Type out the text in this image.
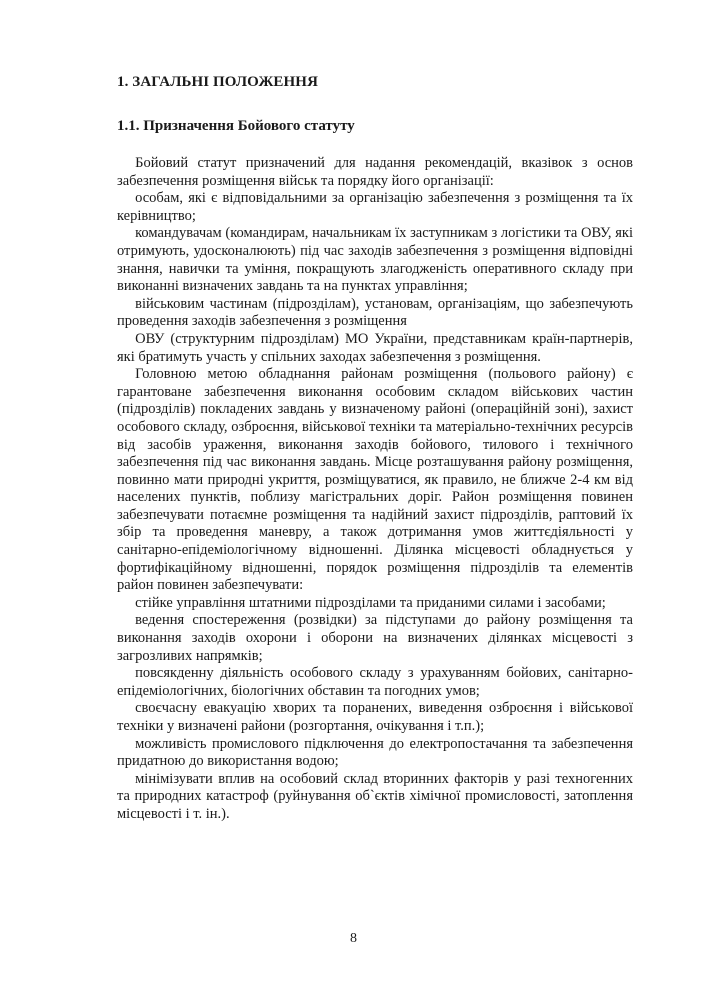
1. ЗАГАЛЬНІ ПОЛОЖЕННЯ
1.1. Призначення Бойового статуту

Бойовий статут призначений для надання рекомендацій, вказівок з основ забезпечення розміщення військ та порядку його організації:

особам, які є відповідальними за організацію забезпечення з розміщення та їх керівництво;

командувачам (командирам, начальникам їх заступникам з логістики та ОВУ, які отримують, удосконалюють) під час заходів забезпечення з розміщення відповідні знання, навички та уміння, покращують злагодженість оперативного складу при виконанні визначених завдань та на пунктах управління;

військовим частинам (підрозділам), установам, організаціям, що забезпечують проведення заходів забезпечення з розміщення

ОВУ (структурним підрозділам) МО України, представникам країн-партнерів, які братимуть участь у спільних заходах забезпечення з розміщення.

Головною метою обладнання районам розміщення (польового району) є гарантоване забезпечення виконання особовим складом військових частин (підрозділів) покладених завдань у визначеному районі (операційній зоні), захист особового складу, озброєння, військової техніки та матеріально-технічних ресурсів від засобів ураження, виконання заходів бойового, тилового і технічного забезпечення під час виконання завдань. Місце розташування району розміщення, повинно мати природні укриття, розміщуватися, як правило, не ближче 2-4 км від населених пунктів, поблизу магістральних доріг. Район розміщення повинен забезпечувати потаємне розміщення та надійний захист підрозділів, раптовий їх збір та проведення маневру, а також дотримання умов життєдіяльності у санітарно-епідеміологічному відношенні. Ділянка місцевості обладнується у фортифікаційному відношенні, порядок розміщення підрозділів та елементів район повинен забезпечувати:

стійке управління штатними підрозділами та приданими силами і засобами;

ведення спостереження (розвідки) за підступами до району розміщення та виконання заходів охорони і оборони на визначених ділянках місцевості з загрозливих напрямків;

повсякденну діяльність особового складу з урахуванням бойових, санітарно-епідеміологічних, біологічних обставин та погодних умов;

своєчасну евакуацію хворих та поранених, виведення озброєння і військової техніки у визначені райони (розгортання, очікування і т.п.);

можливість промислового підключення до електропостачання та забезпечення придатною до використання водою;

мінімізувати вплив на особовий склад вторинних факторів у разі техногенних та природних катастроф (руйнування об`єктів хімічної промисловості, затоплення місцевості і т. ін.).

8
